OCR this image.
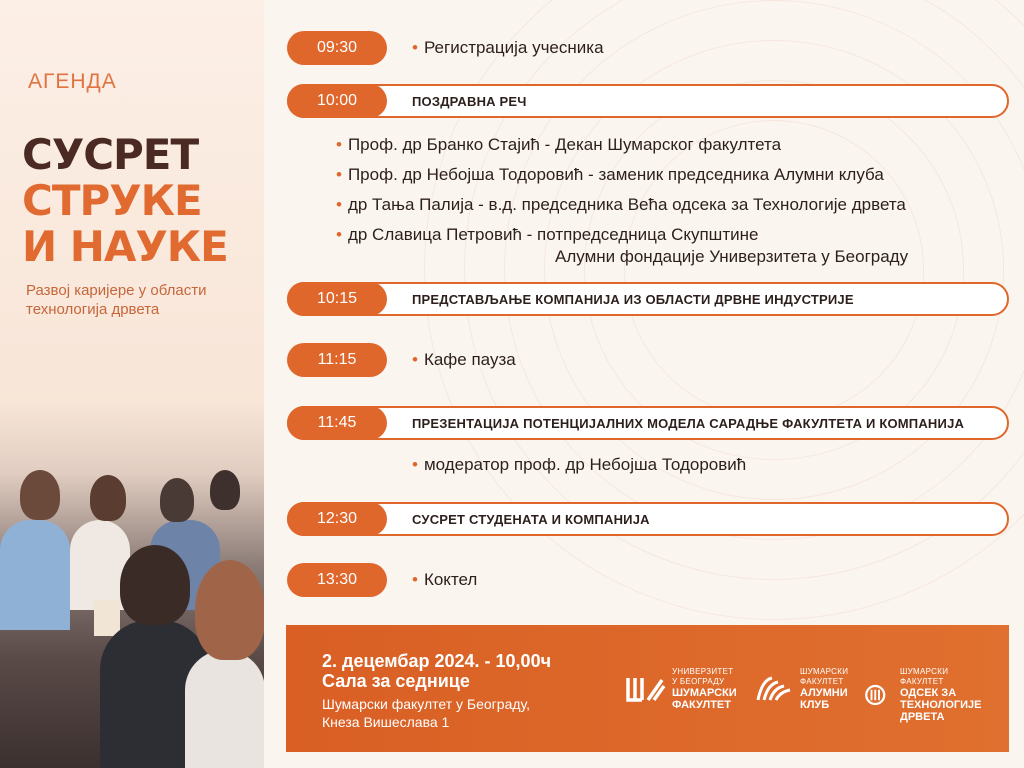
АГЕНДА
СУСРЕТ
СТРУКЕ
И НАУКЕ
Развој каријере у области технологија дрвета
09:30	• Регистрација учесника
10:00	ПОЗДРАВНА РЕЧ
• Проф. др Бранко Стајић - Декан Шумарског факултета
• Проф. др Небојша Тодоровић - заменик председника Алумни клуба
• др Тања Палија - в.д. председника Већа одсека за Технологије дрвета
• др Славица Петровић - потпредседница Скупштине
Алумни фондације Универзитета у Београду
10:15	ПРЕДСТАВЉАЊЕ КОМПАНИЈА ИЗ ОБЛАСТИ ДРВНЕ ИНДУСТРИЈЕ
11:15	• Кафе пауза
11:45	ПРЕЗЕНТАЦИЈА ПОТЕНЦИЈАЛНИХ МОДЕЛА САРАДЊЕ ФАКУЛТЕТА И КОМПАНИЈА
• модератор проф. др Небојша Тодоровић
12:30	СУСРЕТ СТУДЕНАТА И КОМПАНИЈА
13:30	• Коктел
2. децембар 2024. - 10,00ч
Сала за седнице
Шумарски факултет у Београду,
Кнеза Вишеслава 1
УНИВЕРЗИТЕТ
У БЕОГРАДУ
ШУМАРСКИ
ФАКУЛТЕТ
ШУМАРСКИ
ФАКУЛТЕТ
АЛУМНИ
КЛУБ
ШУМАРСКИ
ФАКУЛТЕТ
ОДСЕК ЗА
ТЕХНОЛОГИЈЕ
ДРВЕТА
